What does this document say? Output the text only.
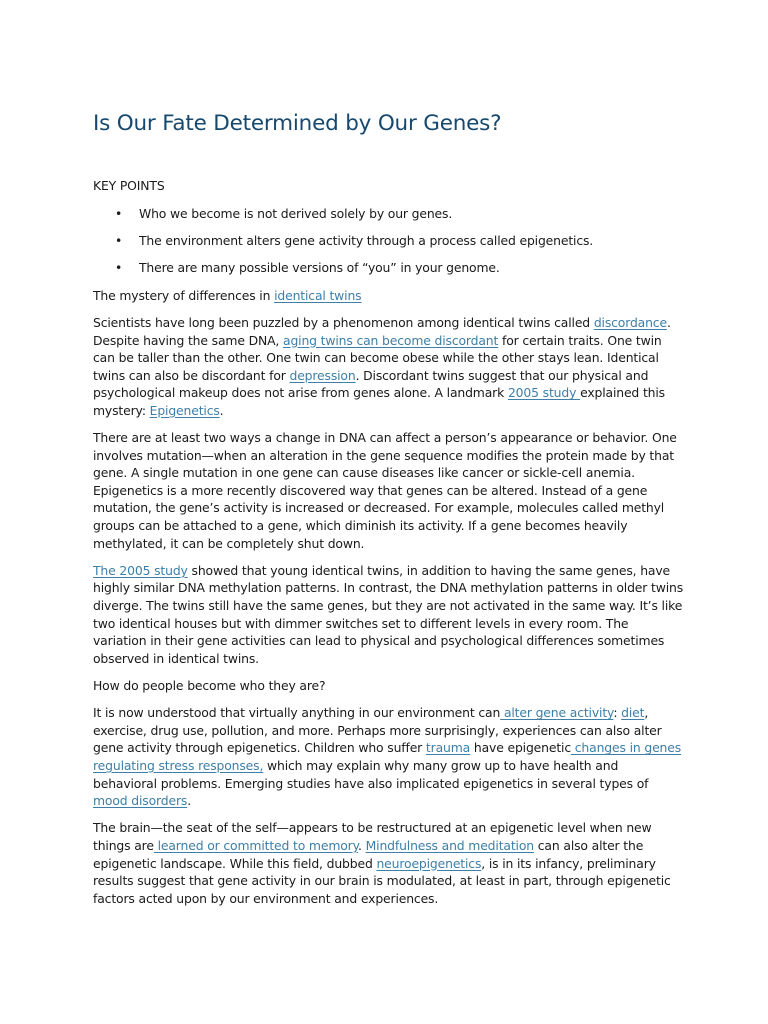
Is Our Fate Determined by Our Genes?

KEY POINTS

• Who we become is not derived solely by our genes.
• The environment alters gene activity through a process called epigenetics.
• There are many possible versions of “you” in your genome.

The mystery of differences in identical twins

Scientists have long been puzzled by a phenomenon among identical twins called discordance. Despite having the same DNA, aging twins can become discordant for certain traits. One twin can be taller than the other. One twin can become obese while the other stays lean. Identical twins can also be discordant for depression. Discordant twins suggest that our physical and psychological makeup does not arise from genes alone. A landmark 2005 study explained this mystery: Epigenetics.

There are at least two ways a change in DNA can affect a person’s appearance or behavior. One involves mutation—when an alteration in the gene sequence modifies the protein made by that gene. A single mutation in one gene can cause diseases like cancer or sickle-cell anemia. Epigenetics is a more recently discovered way that genes can be altered. Instead of a gene mutation, the gene’s activity is increased or decreased. For example, molecules called methyl groups can be attached to a gene, which diminish its activity. If a gene becomes heavily methylated, it can be completely shut down.

The 2005 study showed that young identical twins, in addition to having the same genes, have highly similar DNA methylation patterns. In contrast, the DNA methylation patterns in older twins diverge. The twins still have the same genes, but they are not activated in the same way. It’s like two identical houses but with dimmer switches set to different levels in every room. The variation in their gene activities can lead to physical and psychological differences sometimes observed in identical twins.

How do people become who they are?

It is now understood that virtually anything in our environment can alter gene activity: diet, exercise, drug use, pollution, and more. Perhaps more surprisingly, experiences can also alter gene activity through epigenetics. Children who suffer trauma have epigenetic changes in genes regulating stress responses, which may explain why many grow up to have health and behavioral problems. Emerging studies have also implicated epigenetics in several types of mood disorders.

The brain—the seat of the self—appears to be restructured at an epigenetic level when new things are learned or committed to memory. Mindfulness and meditation can also alter the epigenetic landscape. While this field, dubbed neuroepigenetics, is in its infancy, preliminary results suggest that gene activity in our brain is modulated, at least in part, through epigenetic factors acted upon by our environment and experiences.
